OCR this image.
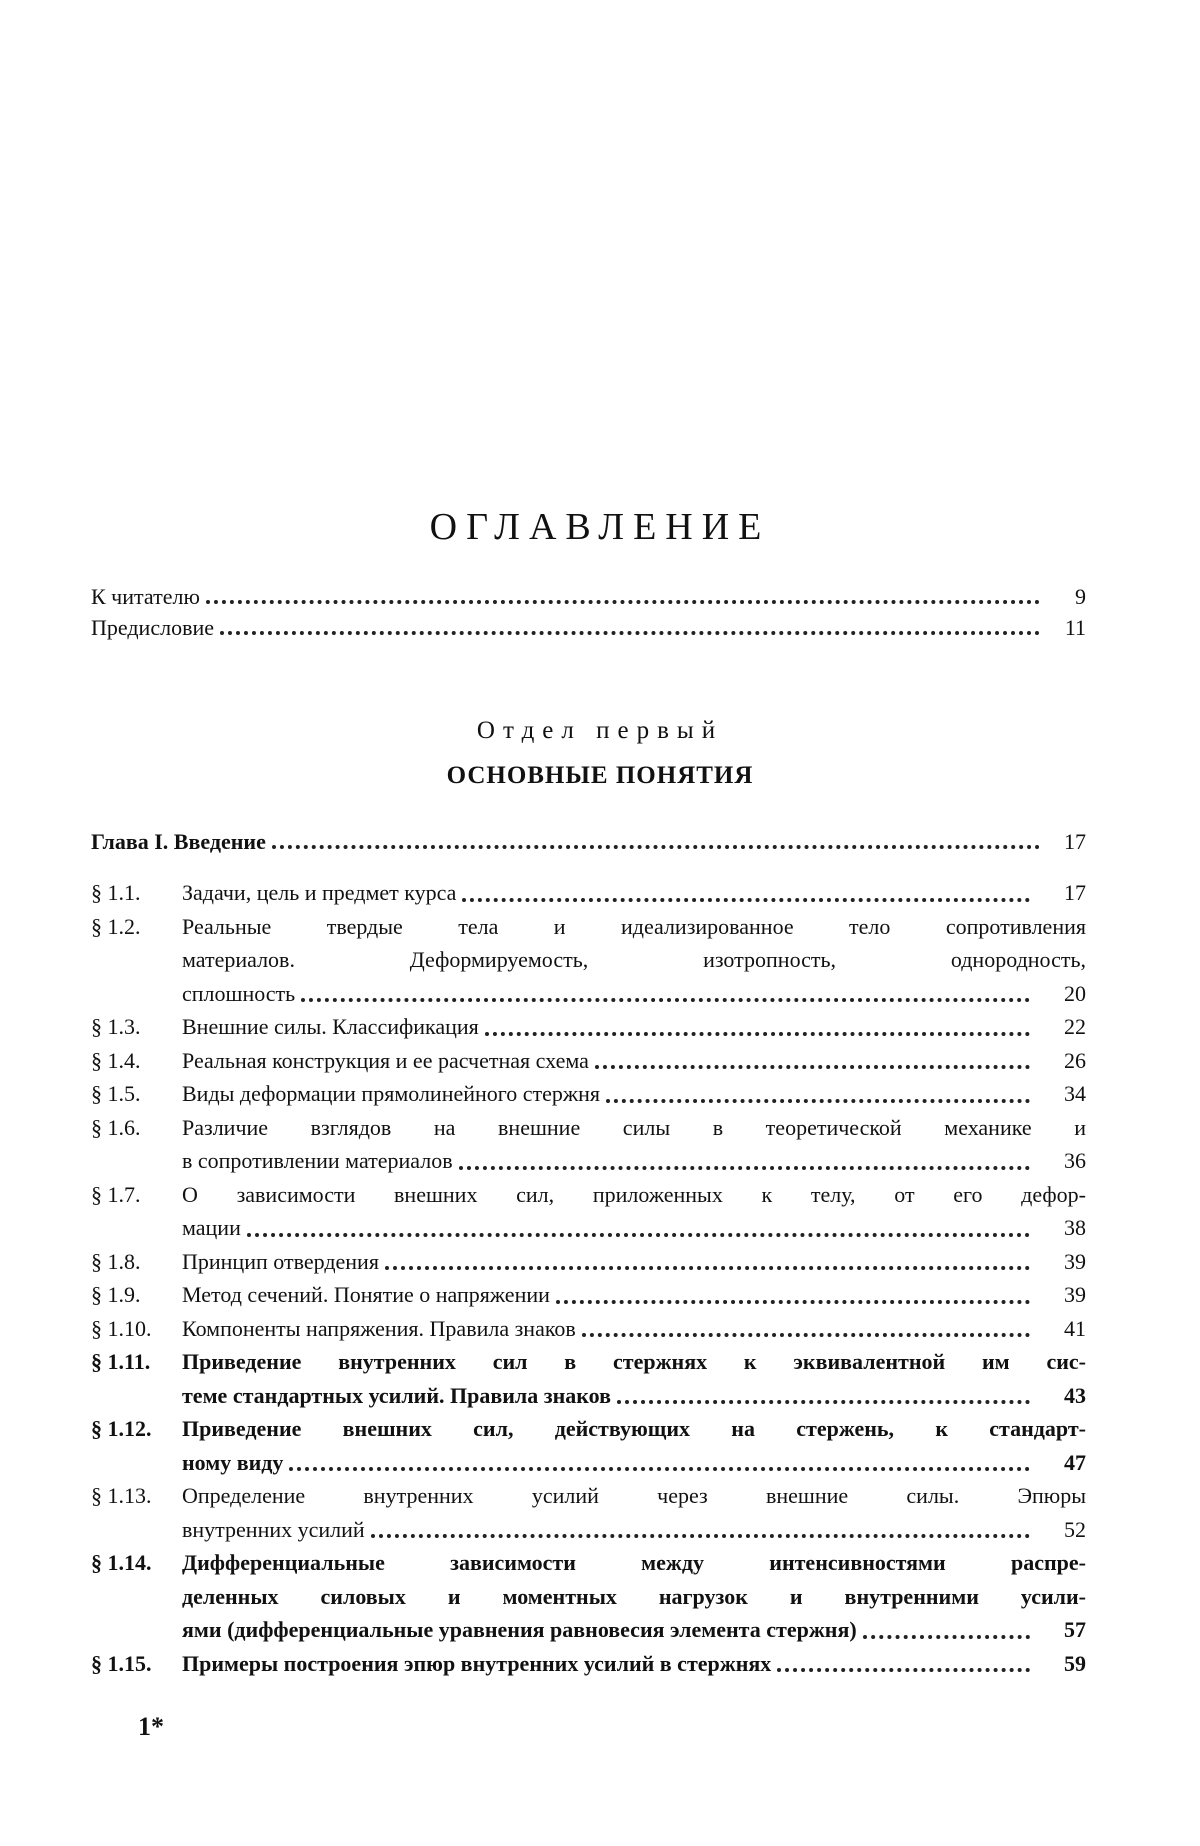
ОГЛАВЛЕНИЕ
К читателю	9
Предисловие	11
Отдел первый
ОСНОВНЫЕ ПОНЯТИЯ
Глава I. Введение	17
§ 1.1.	Задачи, цель и предмет курса	17
§ 1.2.	Реальные твердые тела и идеализированное тело сопротивления
материалов. Деформируемость, изотропность, однородность,
сплошность	20
§ 1.3.	Внешние силы. Классификация	22
§ 1.4.	Реальная конструкция и ее расчетная схема	26
§ 1.5.	Виды деформации прямолинейного стержня	34
§ 1.6.	Различие взглядов на внешние силы в теоретической механике и
в сопротивлении материалов	36
§ 1.7.	О зависимости внешних сил, приложенных к телу, от его дефор-
мации	38
§ 1.8.	Принцип отвердения	39
§ 1.9.	Метод сечений. Понятие о напряжении	39
§ 1.10.	Компоненты напряжения. Правила знаков	41
§ 1.11.	Приведение внутренних сил в стержнях к эквивалентной им сис-
теме стандартных усилий. Правила знаков	43
§ 1.12.	Приведение внешних сил, действующих на стержень, к стандарт-
ному виду	47
§ 1.13.	Определение внутренних усилий через внешние силы. Эпюры
внутренних усилий	52
§ 1.14.	Дифференциальные зависимости между интенсивностями распре-
деленных силовых и моментных нагрузок и внутренними усили-
ями (дифференциальные уравнения равновесия элемента стержня)	57
§ 1.15.	Примеры построения эпюр внутренних усилий в стержнях	59
1*
